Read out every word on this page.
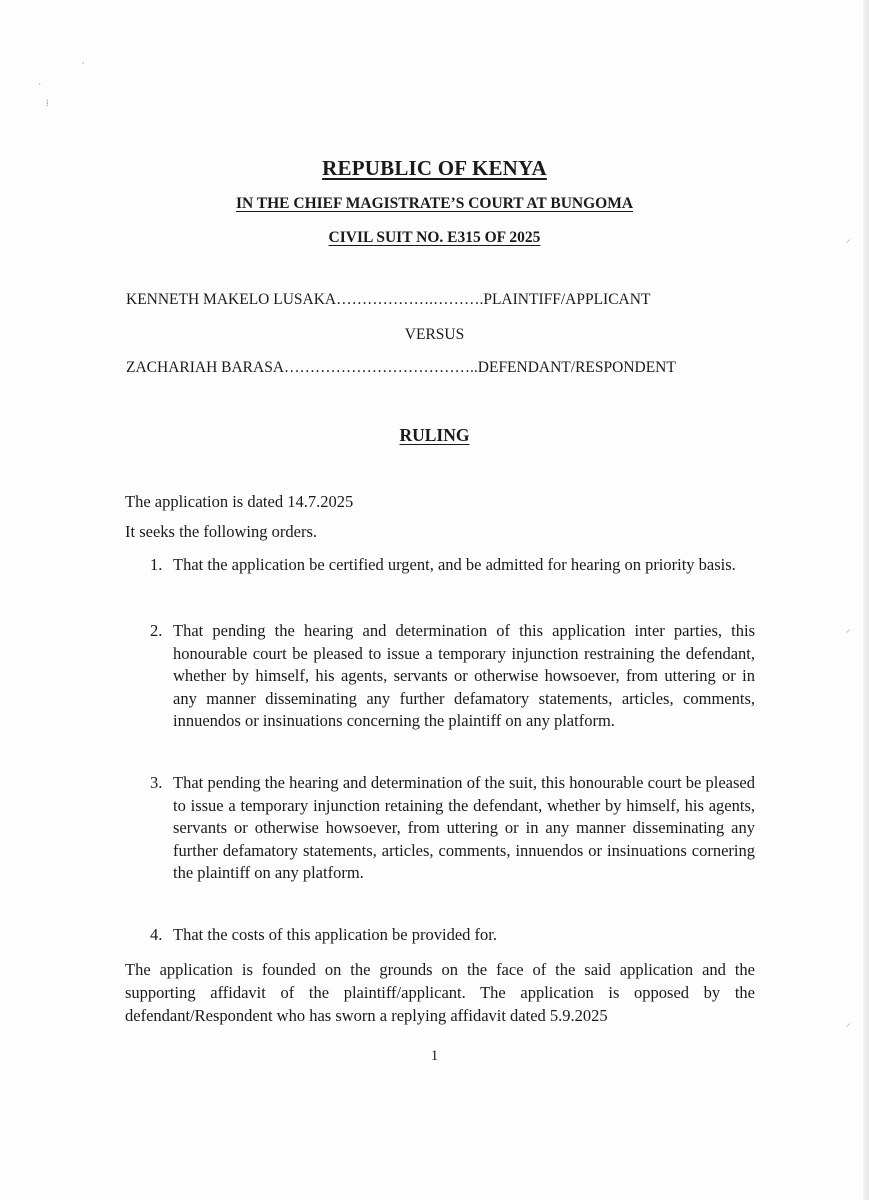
⸱
ˊ
⁞
⸝
⸝
⸝
REPUBLIC OF KENYA
IN THE CHIEF MAGISTRATE’S COURT AT BUNGOMA
CIVIL SUIT NO. E315 OF 2025
KENNETH MAKELO LUSAKA……………….……….PLAINTIFF/APPLICANT
VERSUS
ZACHARIAH BARASA………………………………..DEFENDANT/RESPONDENT
RULING
The application is dated 14.7.2025
It seeks the following orders.
1. That the application be certified urgent, and be admitted for hearing on priority basis.
2. That pending the hearing and determination of this application inter parties, this honourable court be pleased to issue a temporary injunction restraining the defendant, whether by himself, his agents, servants or otherwise howsoever, from uttering or in any manner disseminating any further defamatory statements, articles, comments, innuendos or insinuations concerning the plaintiff on any platform.
3. That pending the hearing and determination of the suit, this honourable court be pleased to issue a temporary injunction retaining the defendant, whether by himself, his agents, servants or otherwise howsoever, from uttering or in any manner disseminating any further defamatory statements, articles, comments, innuendos or insinuations cornering the plaintiff on any platform.
4. That the costs of this application be provided for.
The application is founded on the grounds on the face of the said application and the supporting affidavit of the plaintiff/applicant. The application is opposed by the defendant/Respondent who has sworn a replying affidavit dated 5.9.2025
1
